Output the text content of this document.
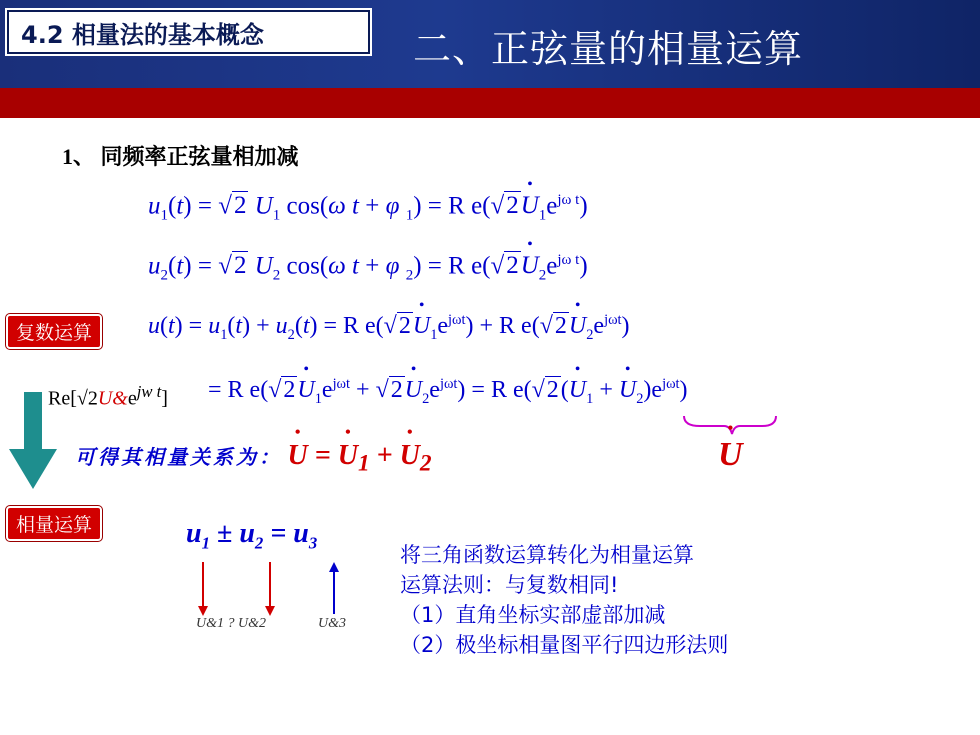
4.2 相量法的基本概念	二、正弦量的相量运算
1、 同频率正弦量相加减
$u_1(t) = √2$ $U_1$ cos(ω t + φ $_1$) = R e(√2• $U_1e^{j\omega t}$)
$u_2(t) = √2$ $U_2$ cos(ω t + φ $_2$) = R e(√2• $U_2e^{j\omega t}$)
复数运算	$u(t) = u_1(t) + u_2(t) = R$ e(√2• $U_1e^{j\omega t}) + R$ e(√2• $U_2e^{j\omega t}$)
$Re[√2U\&e^{jw t}] = R$ e(√2• $U_1e^{j\omega t}$ + √2• $U_2e^{j\omega t}) = R$ e(√2(• $U_1$ + • $U_2)e^{j\omega t}$)
可得其相量关系为： • U = • $U_1$ + • $U_2$	• U
相量运算	$u_1 \pm u_2 = u_3$
U&1 ? U&2	U&3
将三角函数运算转化为相量运算
运算法则：与复数相同!
（1）直角坐标实部虚部加减
（2）极坐标相量图平行四边形法则
